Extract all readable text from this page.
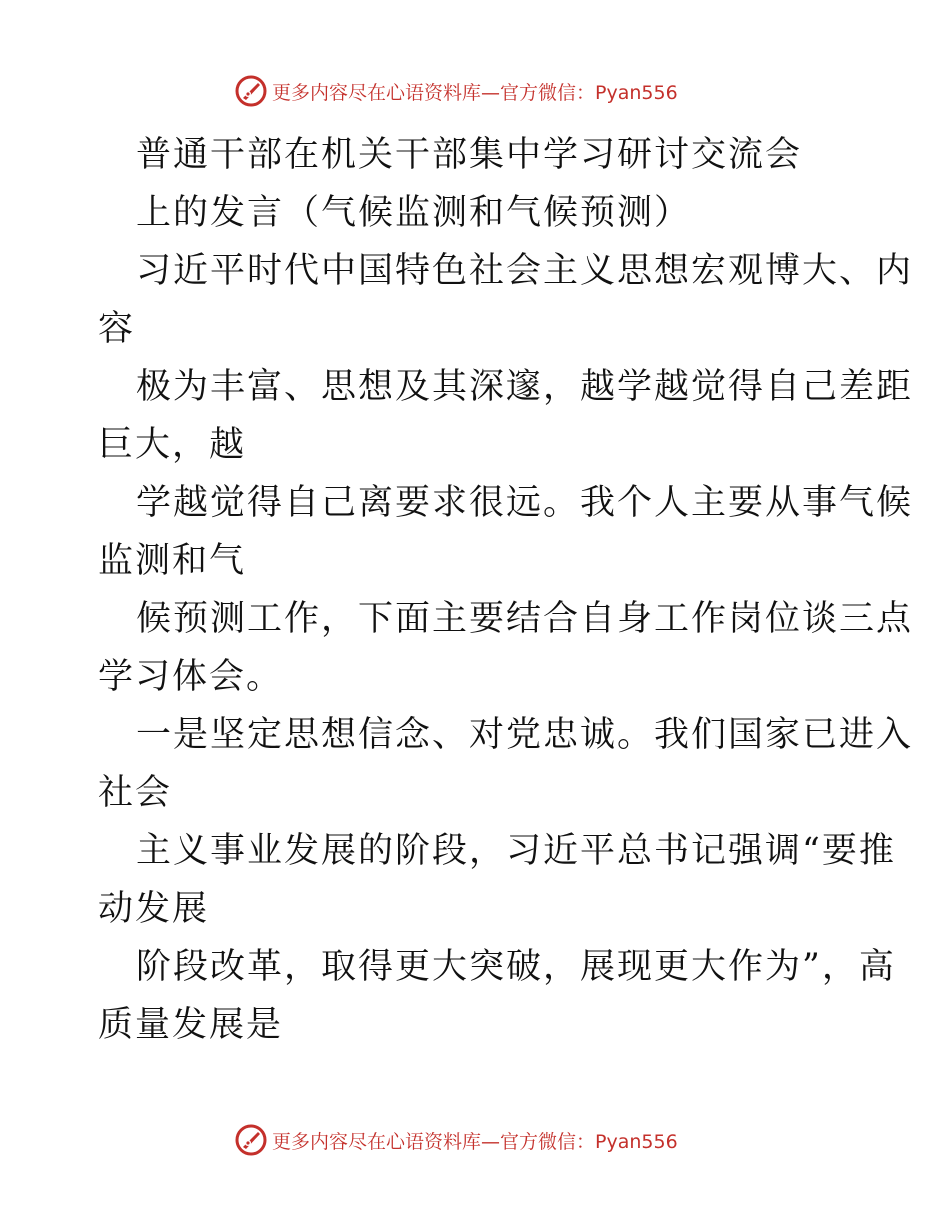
更多内容尽在心语资料库—官方微信：Pyan556
普通干部在机关干部集中学习研讨交流会
上的发言（气候监测和气候预测）
习近平时代中国特色社会主义思想宏观博大、内
容
极为丰富、思想及其深邃，越学越觉得自己差距
巨大，越
学越觉得自己离要求很远。我个人主要从事气候
监测和气
候预测工作，下面主要结合自身工作岗位谈三点
学习体会。
一是坚定思想信念、对党忠诚。我们国家已进入
社会
主义事业发展的阶段，习近平总书记强调“要推
动发展
阶段改革，取得更大突破，展现更大作为”，高
质量发展是
更多内容尽在心语资料库—官方微信：Pyan556
